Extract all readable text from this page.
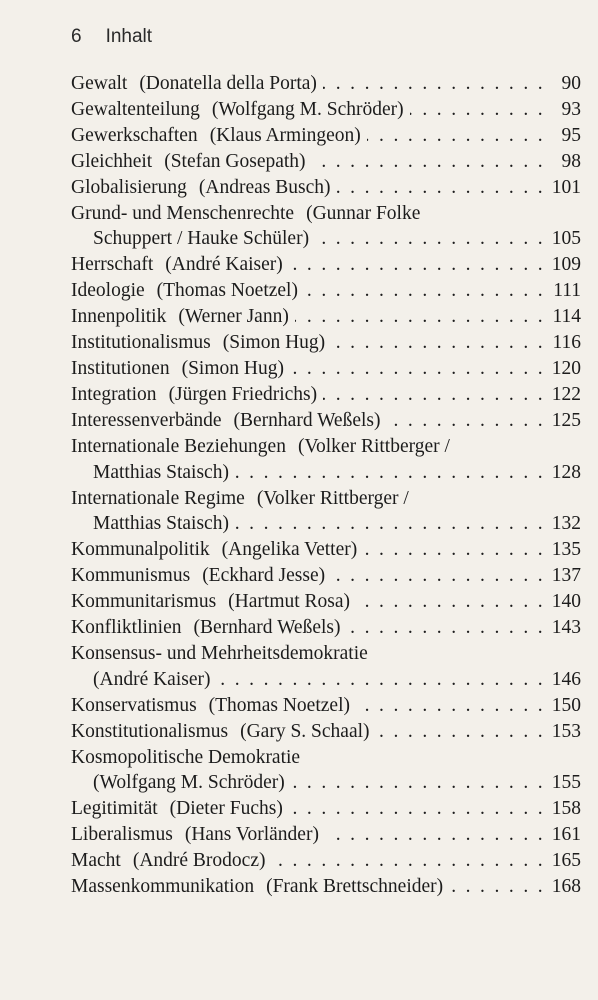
6 Inhalt
Gewalt (Donatella della Porta) . . .	90
Gewaltenteilung (Wolfgang M. Schröder) . . .	93
Gewerkschaften (Klaus Armingeon) . . .	95
Gleichheit (Stefan Gosepath) . . .	98
Globalisierung (Andreas Busch) . . .	101
Grund- und Menschenrechte (Gunnar Folke
Schuppert / Hauke Schüler) . . .	105
Herrschaft (André Kaiser) . . .	109
Ideologie (Thomas Noetzel) . . .	111
Innenpolitik (Werner Jann) . . .	114
Institutionalismus (Simon Hug) . . .	116
Institutionen (Simon Hug) . . .	120
Integration (Jürgen Friedrichs) . . .	122
Interessenverbände (Bernhard Weßels) . . .	125
Internationale Beziehungen (Volker Rittberger /
Matthias Staisch) . . .	128
Internationale Regime (Volker Rittberger /
Matthias Staisch) . . .	132
Kommunalpolitik (Angelika Vetter) . . .	135
Kommunismus (Eckhard Jesse) . . .	137
Kommunitarismus (Hartmut Rosa) . . .	140
Konfliktlinien (Bernhard Weßels) . . .	143
Konsensus- und Mehrheitsdemokratie
(André Kaiser) . . .	146
Konservatismus (Thomas Noetzel) . . .	150
Konstitutionalismus (Gary S. Schaal) . . .	153
Kosmopolitische Demokratie
(Wolfgang M. Schröder) . . .	155
Legitimität (Dieter Fuchs) . . .	158
Liberalismus (Hans Vorländer) . . .	161
Macht (André Brodocz) . . .	165
Massenkommunikation (Frank Brettschneider) . . .	168
